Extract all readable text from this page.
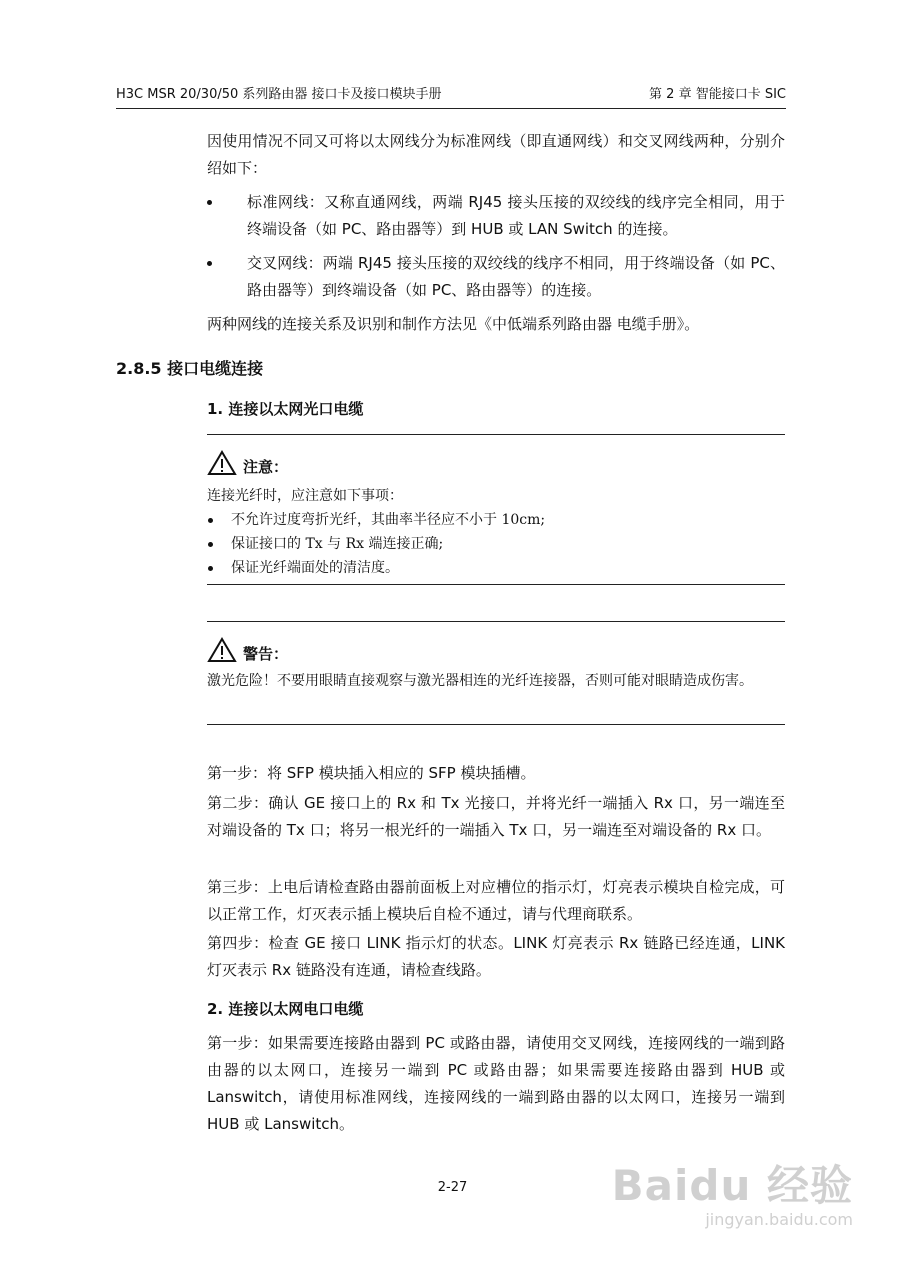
H3C MSR 20/30/50 系列路由器 接口卡及接口模块手册	第 2 章 智能接口卡 SIC
因使用情况不同又可将以太网线分为标准网线（即直通网线）和交叉网线两种，分别介绍如下：
标准网线：又称直通网线，两端 RJ45 接头压接的双绞线的线序完全相同，用于终端设备（如 PC、路由器等）到 HUB 或 LAN Switch 的连接。
交叉网线：两端 RJ45 接头压接的双绞线的线序不相同，用于终端设备（如 PC、路由器等）到终端设备（如 PC、路由器等）的连接。
两种网线的连接关系及识别和制作方法见《中低端系列路由器 电缆手册》。
2.8.5 接口电缆连接
1. 连接以太网光口电缆
注意：
连接光纤时，应注意如下事项：
不允许过度弯折光纤，其曲率半径应不小于 10cm;
保证接口的 Tx 与 Rx 端连接正确;
保证光纤端面处的清洁度。
警告：
激光危险！不要用眼睛直接观察与激光器相连的光纤连接器，否则可能对眼睛造成伤害。
第一步：将 SFP 模块插入相应的 SFP 模块插槽。
第二步：确认 GE 接口上的 Rx 和 Tx 光接口，并将光纤一端插入 Rx 口，另一端连至对端设备的 Tx 口；将另一根光纤的一端插入 Tx 口，另一端连至对端设备的 Rx 口。
第三步：上电后请检查路由器前面板上对应槽位的指示灯，灯亮表示模块自检完成，可以正常工作，灯灭表示插上模块后自检不通过，请与代理商联系。
第四步：检查 GE 接口 LINK 指示灯的状态。LINK 灯亮表示 Rx 链路已经连通，LINK 灯灭表示 Rx 链路没有连通，请检查线路。
2. 连接以太网电口电缆
第一步：如果需要连接路由器到 PC 或路由器，请使用交叉网线，连接网线的一端到路由器的以太网口，连接另一端到 PC 或路由器；如果需要连接路由器到 HUB 或 Lanswitch，请使用标准网线，连接网线的一端到路由器的以太网口，连接另一端到 HUB 或 Lanswitch。
2-27	Baidu 经验
jingyan.baidu.com
